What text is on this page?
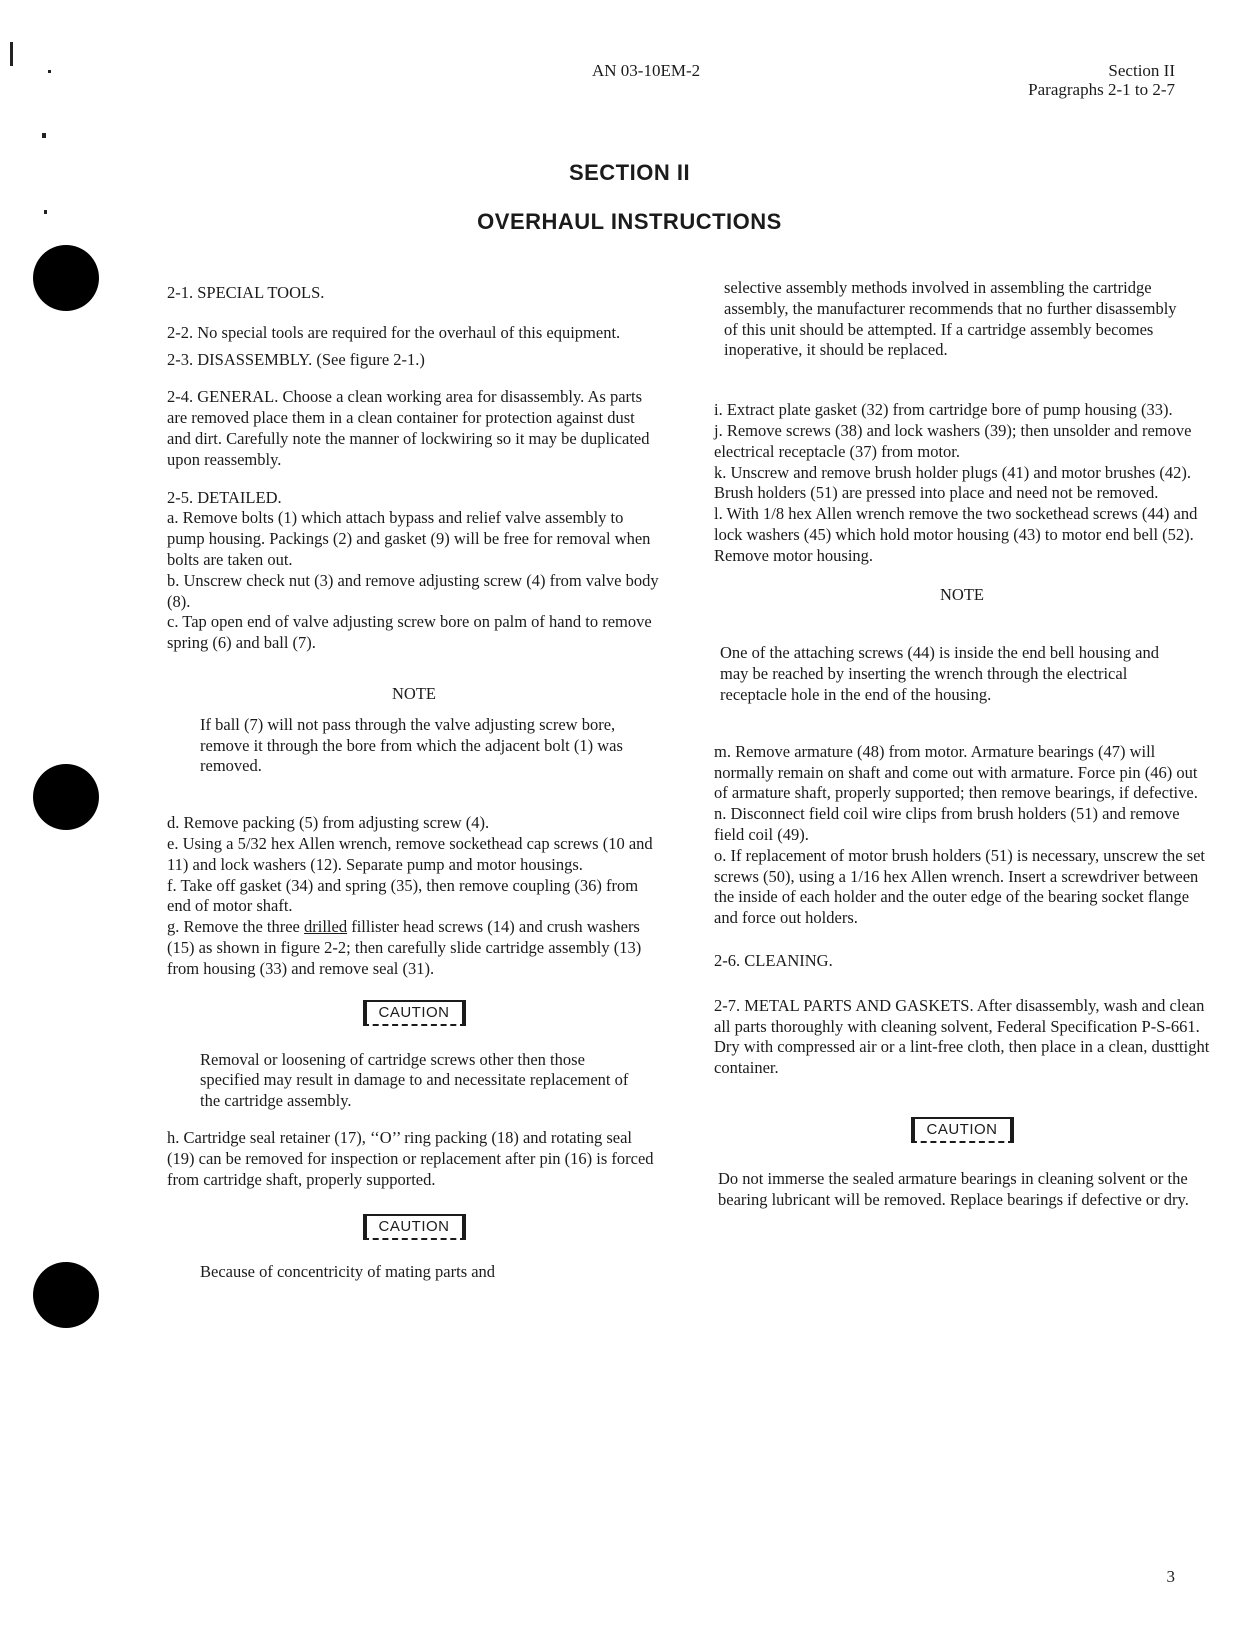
AN 03-10EM-2	Section II
Paragraphs 2-1 to 2-7
SECTION II
OVERHAUL INSTRUCTIONS

2-1. SPECIAL TOOLS.

2-2. No special tools are required for the overhaul of this equipment.

2-3. DISASSEMBLY. (See figure 2-1.)

2-4. GENERAL. Choose a clean working area for disassembly. As parts are removed place them in a clean container for protection against dust and dirt. Carefully note the manner of lockwiring so it may be duplicated upon reassembly.

2-5. DETAILED.

a. Remove bolts (1) which attach bypass and relief valve assembly to pump housing. Packings (2) and gasket (9) will be free for removal when bolts are taken out.

b. Unscrew check nut (3) and remove adjusting screw (4) from valve body (8).

c. Tap open end of valve adjusting screw bore on palm of hand to remove spring (6) and ball (7).

NOTE

If ball (7) will not pass through the valve adjusting screw bore, remove it through the bore from which the adjacent bolt (1) was removed.

d. Remove packing (5) from adjusting screw (4).

e. Using a 5/32 hex Allen wrench, remove sockethead cap screws (10 and 11) and lock washers (12). Separate pump and motor housings.

f. Take off gasket (34) and spring (35), then remove coupling (36) from end of motor shaft.

g. Remove the three drilled fillister head screws (14) and crush washers (15) as shown in figure 2-2; then carefully slide cartridge assembly (13) from housing (33) and remove seal (31).

CAUTION

Removal or loosening of cartridge screws other then those specified may result in damage to and necessitate replacement of the cartridge assembly.

h. Cartridge seal retainer (17), ‘‘O’’ ring packing (18) and rotating seal (19) can be removed for inspection or replacement after pin (16) is forced from cartridge shaft, properly supported.

CAUTION

Because of concentricity of mating parts and

selective assembly methods involved in assembling the cartridge assembly, the manufacturer recommends that no further disassembly of this unit should be attempted. If a cartridge assembly becomes inoperative, it should be replaced.

i. Extract plate gasket (32) from cartridge bore of pump housing (33).

j. Remove screws (38) and lock washers (39); then unsolder and remove electrical receptacle (37) from motor.

k. Unscrew and remove brush holder plugs (41) and motor brushes (42). Brush holders (51) are pressed into place and need not be removed.

l. With 1/8 hex Allen wrench remove the two sockethead screws (44) and lock washers (45) which hold motor housing (43) to motor end bell (52). Remove motor housing.

NOTE

One of the attaching screws (44) is inside the end bell housing and may be reached by inserting the wrench through the electrical receptacle hole in the end of the housing.

m. Remove armature (48) from motor. Armature bearings (47) will normally remain on shaft and come out with armature. Force pin (46) out of armature shaft, properly supported; then remove bearings, if defective.

n. Disconnect field coil wire clips from brush holders (51) and remove field coil (49).

o. If replacement of motor brush holders (51) is necessary, unscrew the set screws (50), using a 1/16 hex Allen wrench. Insert a screwdriver between the inside of each holder and the outer edge of the bearing socket flange and force out holders.

2-6. CLEANING.

2-7. METAL PARTS AND GASKETS. After disassembly, wash and clean all parts thoroughly with cleaning solvent, Federal Specification P-S-661. Dry with compressed air or a lint-free cloth, then place in a clean, dusttight container.

CAUTION

Do not immerse the sealed armature bearings in cleaning solvent or the bearing lubricant will be removed. Replace bearings if defective or dry.

3
